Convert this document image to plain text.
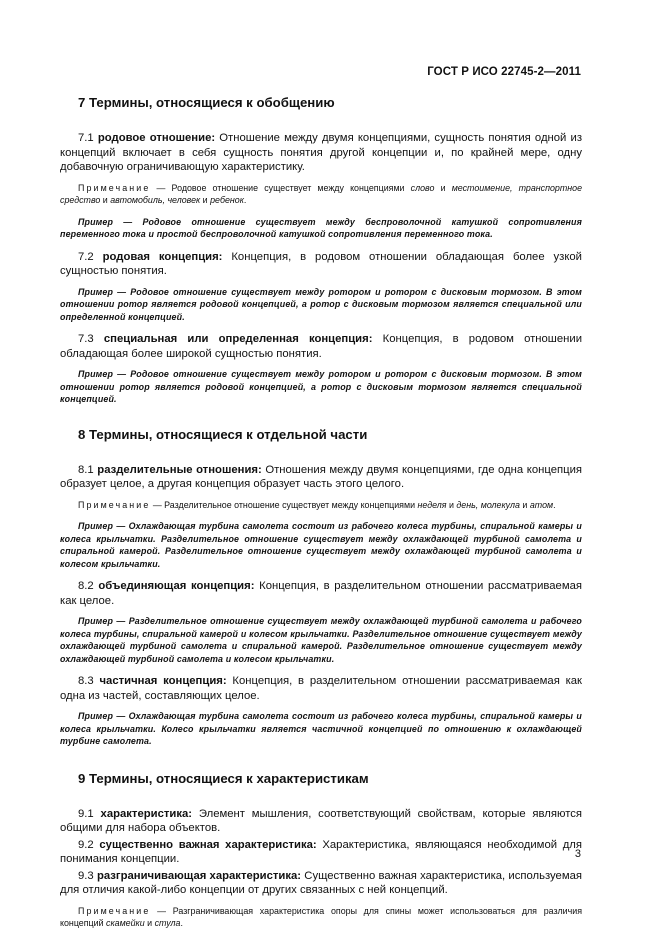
ГОСТ Р ИСО 22745-2—2011
7 Термины, относящиеся к обобщению

7.1 родовое отношение: Отношение между двумя концепциями, сущность понятия одной из концепций включает в себя сущность понятия другой концепции и, по крайней мере, одну добавочную ограничивающую характеристику.

Примечание — Родовое отношение существует между концепциями слово и местоимение, транспортное средство и автомобиль, человек и ребенок.

Пример — Родовое отношение существует между беспроволочной катушкой сопротивления переменного тока и простой беспроволочной катушкой сопротивления переменного тока.

7.2 родовая концепция: Концепция, в родовом отношении обладающая более узкой сущностью понятия.

Пример — Родовое отношение существует между ротором и ротором с дисковым тормозом. В этом отношении ротор является родовой концепцией, а ротор с дисковым тормозом является специальной или определенной концепцией.

7.3 специальная или определенная концепция: Концепция, в родовом отношении обладающая более широкой сущностью понятия.

Пример — Родовое отношение существует между ротором и ротором с дисковым тормозом. В этом отношении ротор является родовой концепцией, а ротор с дисковым тормозом является специальной концепцией.

8 Термины, относящиеся к отдельной части

8.1 разделительные отношения: Отношения между двумя концепциями, где одна концепция образует целое, а другая концепция образует часть этого целого.

Примечание — Разделительное отношение существует между концепциями неделя и день, молекула и атом.

Пример — Охлаждающая турбина самолета состоит из рабочего колеса турбины, спиральной камеры и колеса крыльчатки. Разделительное отношение существует между охлаждающей турбиной самолета и спиральной камерой. Разделительное отношение существует между охлаждающей турбиной самолета и колесом крыльчатки.

8.2 объединяющая концепция: Концепция, в разделительном отношении рассматриваемая как целое.

Пример — Разделительное отношение существует между охлаждающей турбиной самолета и рабочего колеса турбины, спиральной камерой и колесом крыльчатки. Разделительное отношение существует между охлаждающей турбиной самолета и спиральной камерой. Разделительное отношение существует между охлаждающей турбиной самолета и колесом крыльчатки.

8.3 частичная концепция: Концепция, в разделительном отношении рассматриваемая как одна из частей, составляющих целое.

Пример — Охлаждающая турбина самолета состоит из рабочего колеса турбины, спиральной камеры и колеса крыльчатки. Колесо крыльчатки является частичной концепцией по отношению к охлаждающей турбине самолета.

9 Термины, относящиеся к характеристикам

9.1 характеристика: Элемент мышления, соответствующий свойствам, которые являются общими для набора объектов.

9.2 существенно важная характеристика: Характеристика, являющаяся необходимой для понимания концепции.

9.3 разграничивающая характеристика: Существенно важная характеристика, используемая для отличия какой-либо концепции от других связанных с ней концепций.

Примечание — Разграничивающая характеристика опоры для спины может использоваться для различия концепций скамейки и стула.

3
